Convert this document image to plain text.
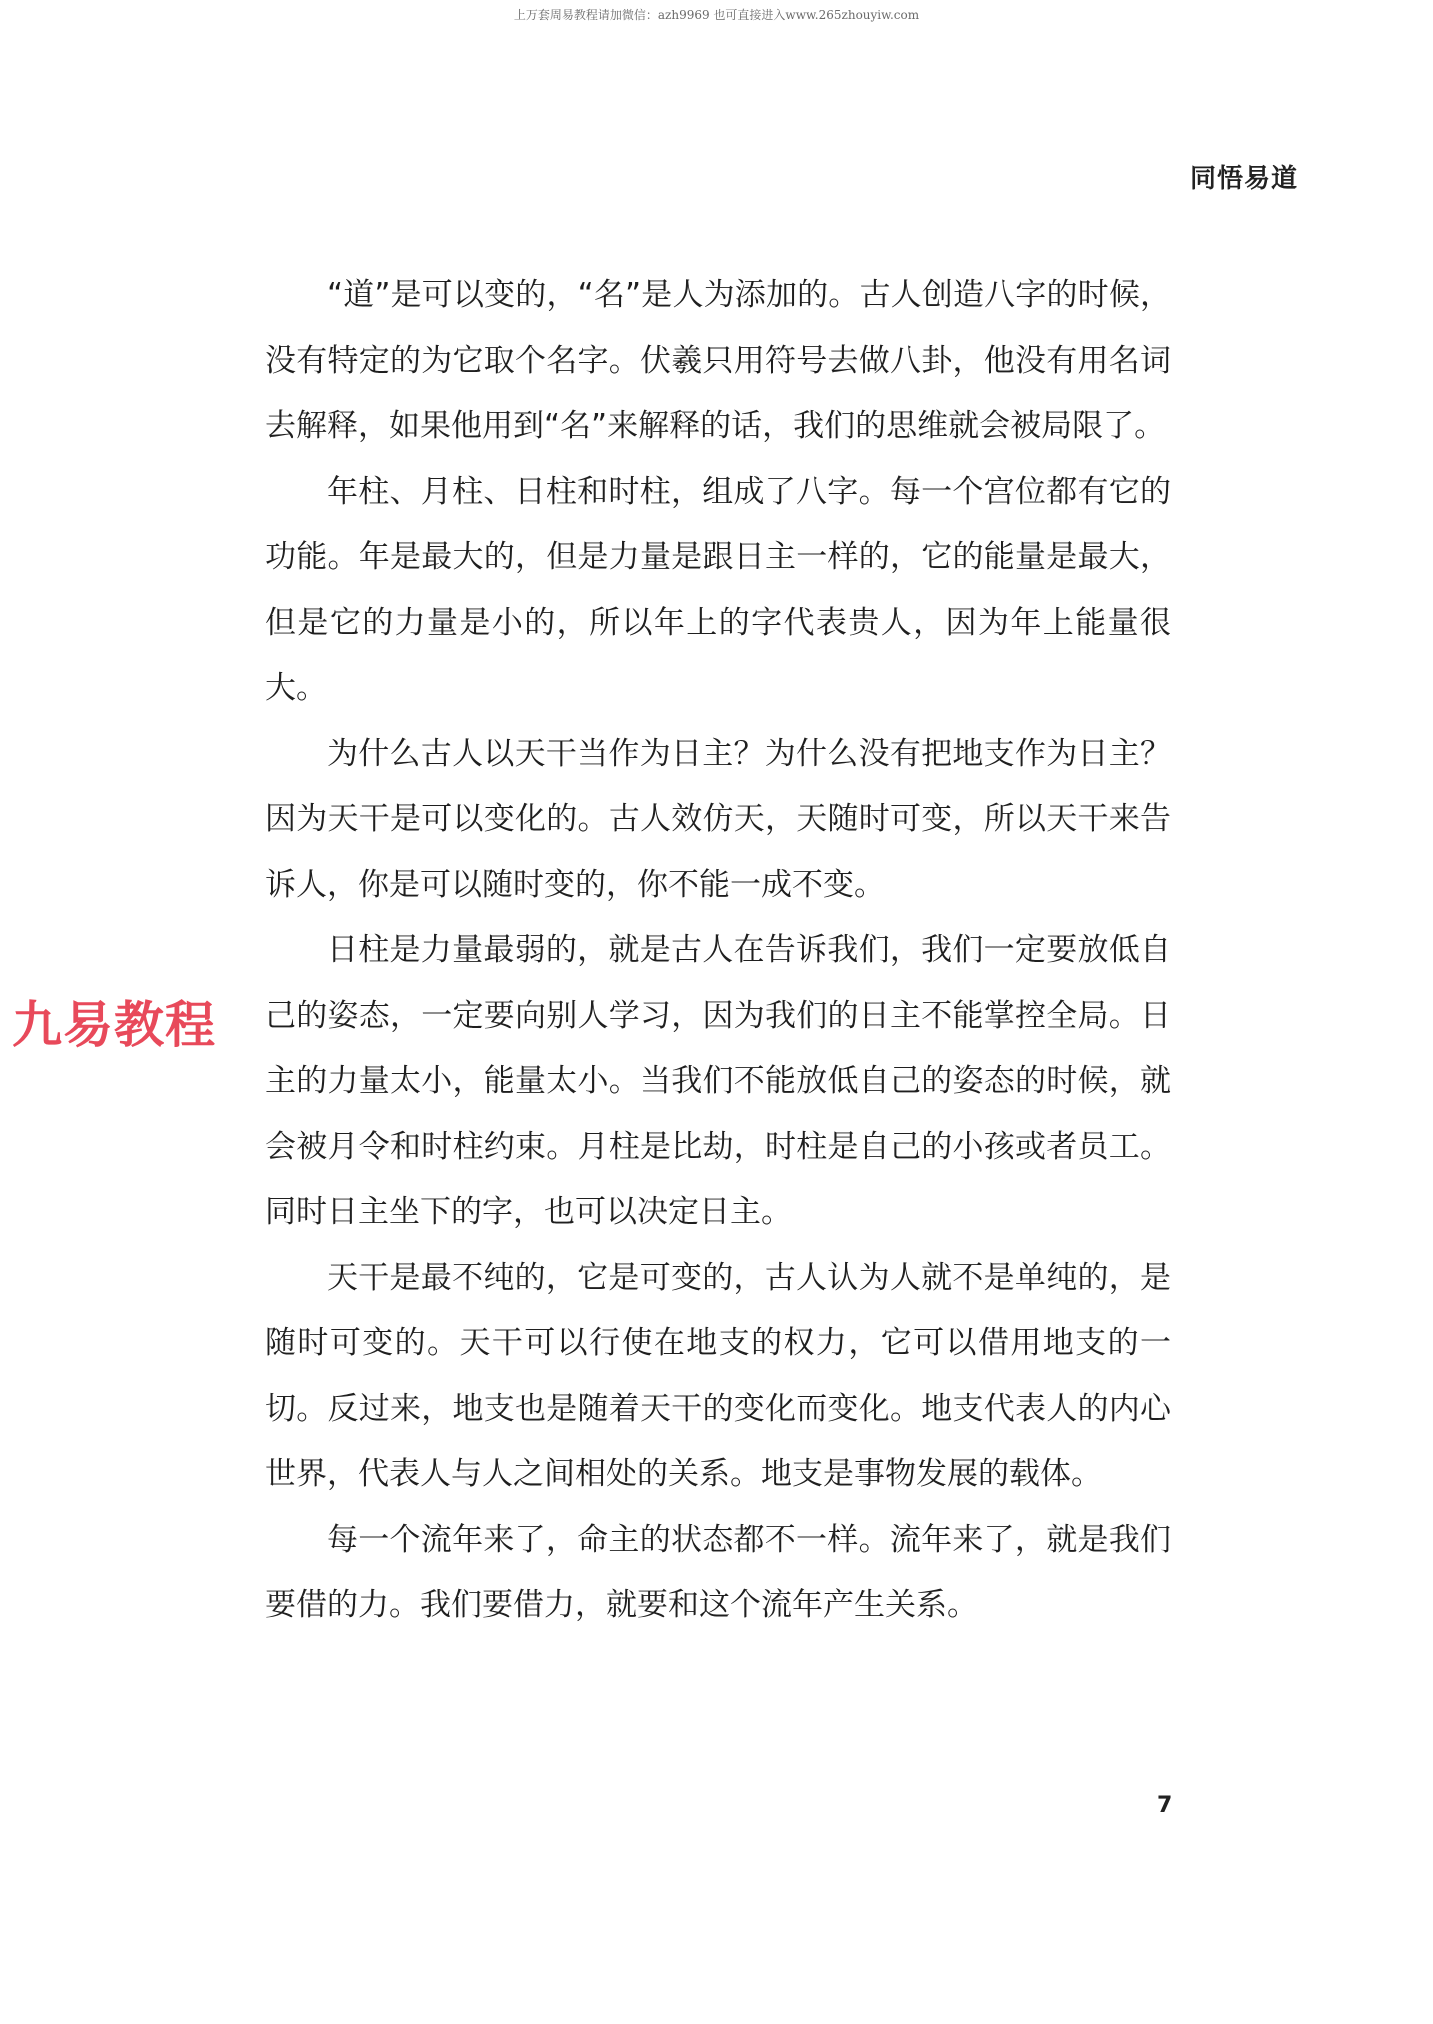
上万套周易教程请加微信：azh9969 也可直接进入www.265zhouyiw.com
同悟易道

“道”是可以变的，“名”是人为添加的。古人创造八字的时候，没有特定的为它取个名字。伏羲只用符号去做八卦，他没有用名词去解释，如果他用到“名”来解释的话，我们的思维就会被局限了。

年柱、月柱、日柱和时柱，组成了八字。每一个宫位都有它的功能。年是最大的，但是力量是跟日主一样的，它的能量是最大，但是它的力量是小的，所以年上的字代表贵人，因为年上能量很大。

为什么古人以天干当作为日主？为什么没有把地支作为日主？因为天干是可以变化的。古人效仿天，天随时可变，所以天干来告诉人，你是可以随时变的，你不能一成不变。

日柱是力量最弱的，就是古人在告诉我们，我们一定要放低自己的姿态，一定要向别人学习，因为我们的日主不能掌控全局。日主的力量太小，能量太小。当我们不能放低自己的姿态的时候，就会被月令和时柱约束。月柱是比劫，时柱是自己的小孩或者员工。同时日主坐下的字，也可以决定日主。

天干是最不纯的，它是可变的，古人认为人就不是单纯的，是随时可变的。天干可以行使在地支的权力，它可以借用地支的一切。反过来，地支也是随着天干的变化而变化。地支代表人的内心世界，代表人与人之间相处的关系。地支是事物发展的载体。

每一个流年来了，命主的状态都不一样。流年来了，就是我们要借的力。我们要借力，就要和这个流年产生关系。

九易教程
7
